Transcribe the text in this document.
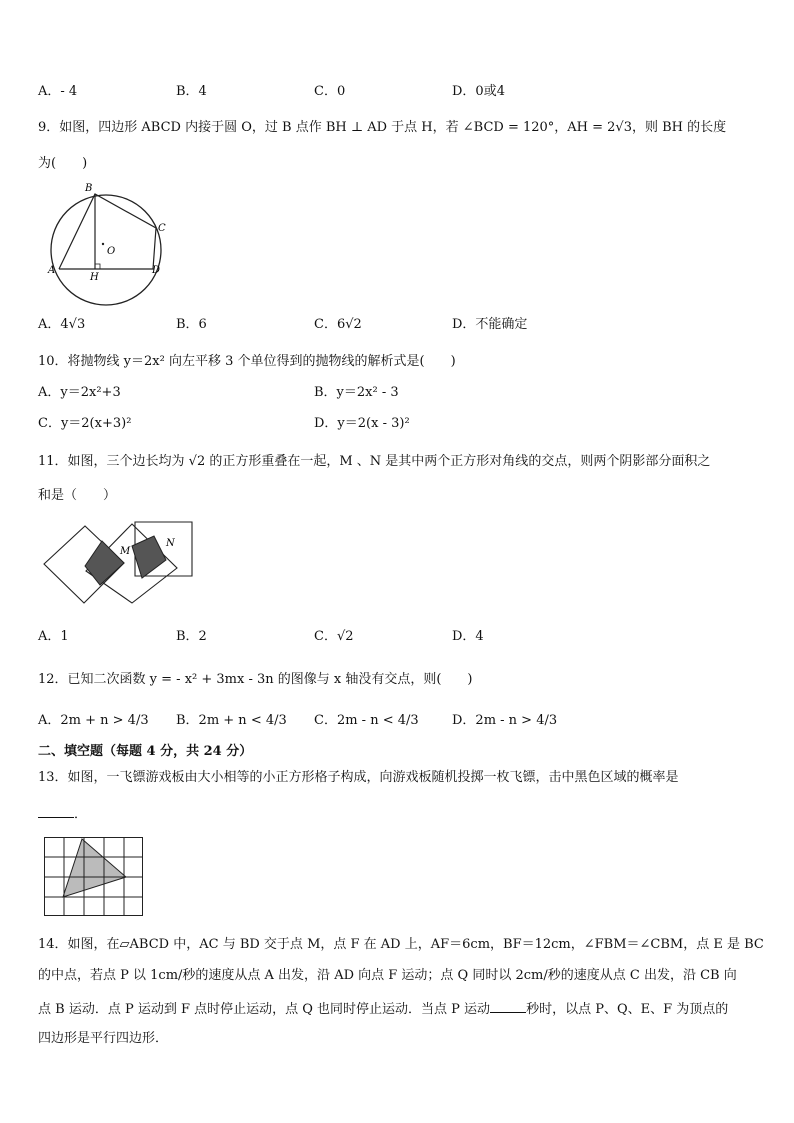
A．- 4	B．4	C．0	D．0或4
9．如图，四边形 ABCD 内接于圆 O，过 B 点作 BH ⊥ AD 于点 H，若 ∠BCD = 120°，AH = 2√3，则 BH 的长度
为(　　)
B
C
O
A
H
D
A．4√3	B．6	C．6√2	D．不能确定
10．将抛物线 y＝2x² 向左平移 3 个单位得到的抛物线的解析式是(　　)
A．y＝2x²+3	B．y＝2x² - 3
C．y＝2(x+3)²	D．y＝2(x - 3)²
11．如图，三个边长均为 √2 的正方形重叠在一起，M 、N 是其中两个正方形对角线的交点，则两个阴影部分面积之
和是（　　）
M
N
A．1	B．2	C．√2	D．4
12．已知二次函数 y = - x² + 3mx - 3n 的图像与 x 轴没有交点，则(　　)
A．2m + n > 4/3 B．2m + n < 4/3 C．2m - n < 4/3	D．2m - n > 4/3
二、填空题（每题 4 分，共 24 分）
13．如图，一飞镖游戏板由大小相等的小正方形格子构成，向游戏板随机投掷一枚飞镖，击中黑色区域的概率是
．
14．如图，在▱ABCD 中，AC 与 BD 交于点 M，点 F 在 AD 上，AF＝6cm，BF＝12cm，∠FBM＝∠CBM，点 E 是 BC
的中点，若点 P 以 1cm/秒的速度从点 A 出发，沿 AD 向点 F 运动；点 Q 同时以 2cm/秒的速度从点 C 出发，沿 CB 向
点 B 运动．点 P 运动到 F 点时停止运动，点 Q 也同时停止运动．当点 P 运动	秒时，以点 P、Q、E、F 为顶点的
四边形是平行四边形．
